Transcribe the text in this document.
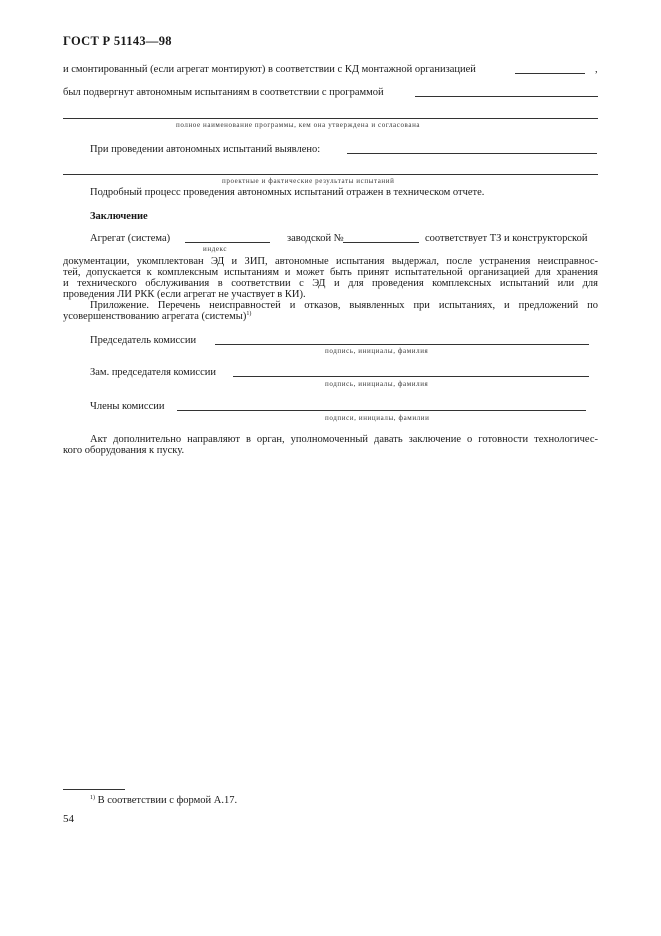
ГОСТ Р 51143—98
и смонтированный (если агрегат монтируют) в соответствии с КД монтажной организацией	,
был подвергнут автономным испытаниям в соответствии с программой
полное наименование программы, кем она утверждена и согласована
При проведении автономных испытаний выявлено:
проектные и фактические результаты испытаний
Подробный процесс проведения автономных испытаний отражен в техническом отчете.
Заключение
Агрегат (система)	заводской №	соответствует ТЗ и конструкторской
индекс
документации, укомплектован ЭД и ЗИП, автономные испытания выдержал, после устранения неисправнос-
тей, допускается к комплексным испытаниям и может быть принят испытательной организацией для хранения
и технического обслуживания в соответствии с ЭД и для проведения комплексных испытаний или для
проведения ЛИ РКК (если агрегат не участвует в КИ).
Приложение. Перечень неисправностей и отказов, выявленных при испытаниях, и предложений по
усовершенствованию агрегата (системы)$^{1)}$
Председатель комиссии
подпись, инициалы, фамилия
Зам. председателя комиссии
подпись, инициалы, фамилия
Члены комиссии
подписи, инициалы, фамилии
Акт дополнительно направляют в орган, уполномоченный давать заключение о готовности технологичес-
кого оборудования к пуску.
$^{1)}$ В соответствии с формой А.17.
54
